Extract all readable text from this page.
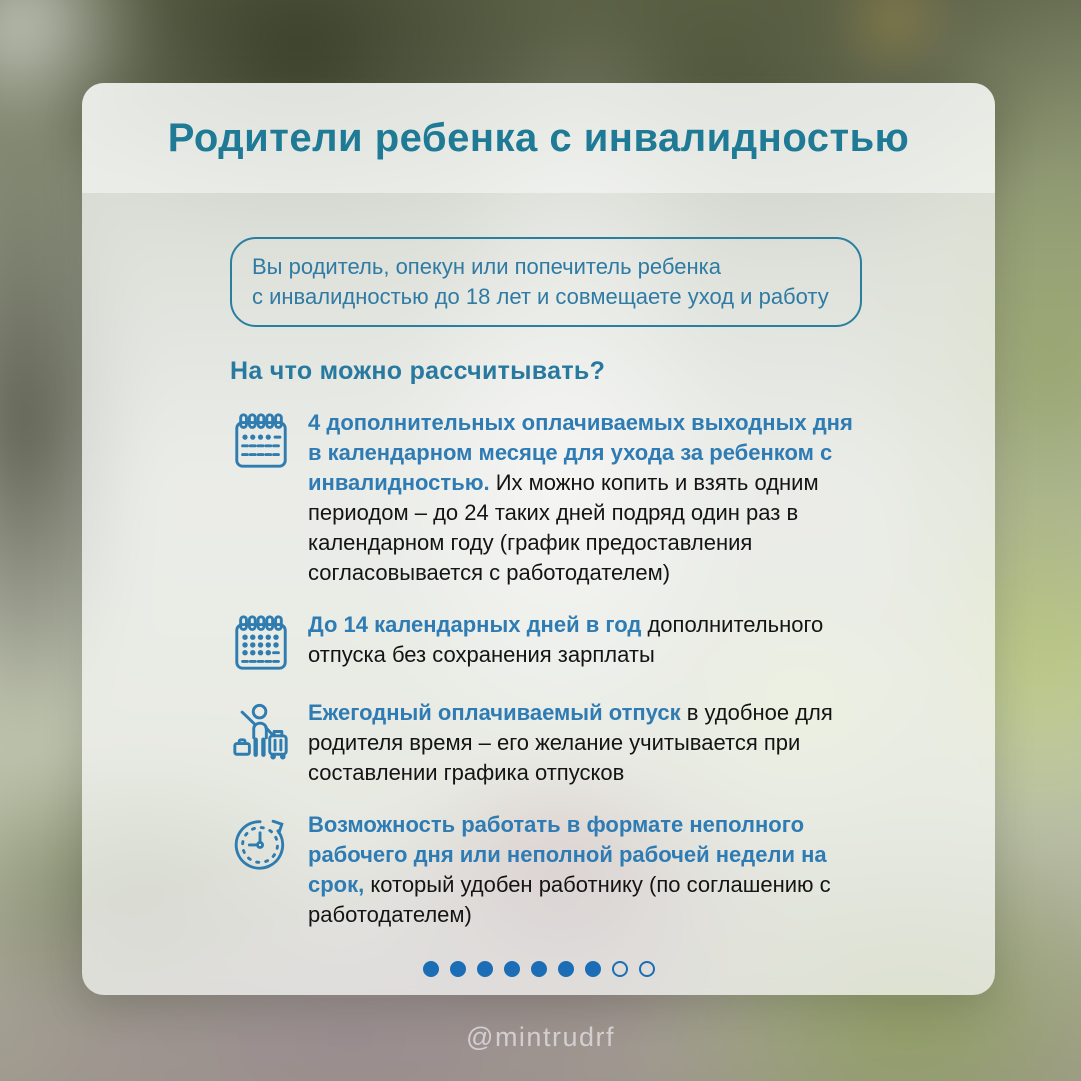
Родители ребенка с инвалидностью
Вы родитель, опекун или попечитель ребенка
с инвалидностью до 18 лет и совмещаете уход и работу
На что можно рассчитывать?
4 дополнительных оплачиваемых выходных дня в календарном месяце для ухода за ребенком с инвалидностью. Их можно копить и взять одним периодом – до 24 таких дней подряд один раз в календарном году (график предоставления согласовывается с работодателем)
До 14 календарных дней в год дополнительного отпуска без сохранения зарплаты
Ежегодный оплачиваемый отпуск в удобное для родителя время – его желание учитывается при составлении графика отпусков
Возможность работать в формате неполного рабочего дня или неполной рабочей недели на срок, который удобен работнику (по соглашению с работодателем)
@mintrudrf
